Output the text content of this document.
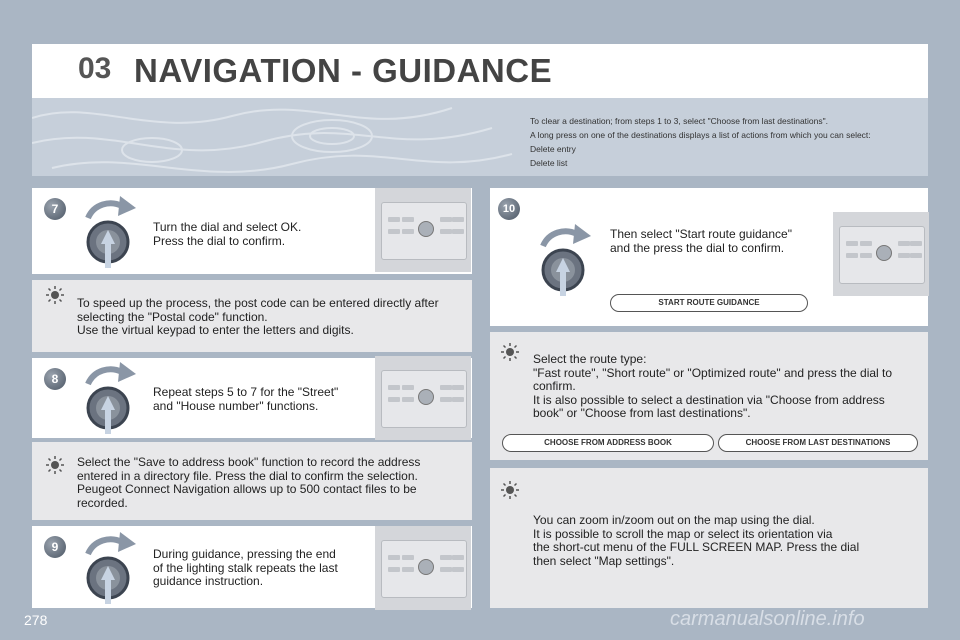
03 NAVIGATION - GUIDANCE
To clear a destination; from steps 1 to 3, select "Choose from last destinations".
A long press on one of the destinations displays a list of actions from which you can select:
Delete entry
Delete list
7
Turn the dial and select OK.
Press the dial to confirm.
To speed up the process, the post code can be entered directly after
selecting the "Postal code" function.
Use the virtual keypad to enter the letters and digits.
8
Repeat steps 5 to 7 for the "Street"
and "House number" functions.
Select the "Save to address book" function to record the address
entered in a directory file. Press the dial to confirm the selection.
Peugeot Connect Navigation allows up to 500 contact files to be
recorded.
9	During guidance, pressing the end
of the lighting stalk repeats the last
guidance instruction.
10
Then select "Start route guidance"
and the press the dial to confirm.
START ROUTE GUIDANCE
Select the route type:
"Fast route", "Short route" or "Optimized route" and press the dial to
confirm.
It is also possible to select a destination via "Choose from address
book" or "Choose from last destinations".
CHOOSE FROM ADDRESS BOOK	CHOOSE FROM LAST DESTINATIONS
You can zoom in/zoom out on the map using the dial.
It is possible to scroll the map or select its orientation via
the short-cut menu of the FULL SCREEN MAP. Press the dial
then select "Map settings".
278	carmanualsonline.info
